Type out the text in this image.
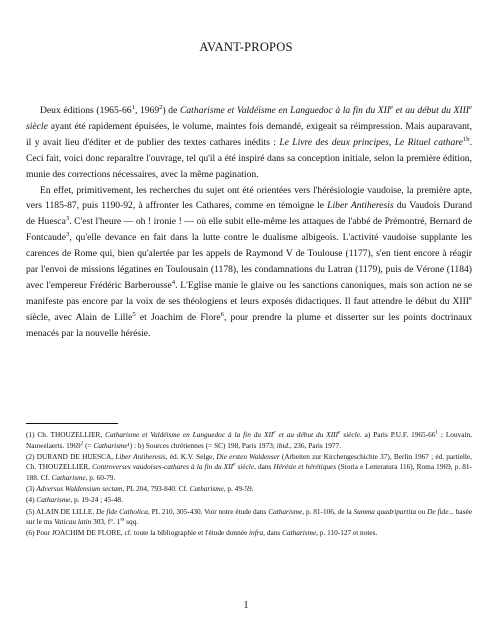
AVANT-PROPOS

Deux éditions ($1965-66^1$, 1969$^2$) de Catharisme et Valdéisme en Languedoc à la fin du XIIe et au début du XIIIe siècle ayant été rapidement épuisées, le volume, maintes fois demandé, exigeait sa réimpression. Mais auparavant, il y avait lieu d'éditer et de publier des textes cathares inédits : Le Livre des deux principes, Le Rituel cathare$^{1b}$. Ceci fait, voici donc reparaître l'ouvrage, tel qu'il a été inspiré dans sa conception initiale, selon la première édition, munie des corrections nécessaires, avec la même pagination.

En effet, primitivement, les recherches du sujet ont été orientées vers l'hérésiologie vaudoise, la première apte, vers 1185-87, puis 1190-92, à affronter les Cathares, comme en témoigne le Liber Antiheresis du Vaudois Durand de Huesca$^3$. C'est l'heure — oh ! ironie ! — où elle subit elle-même les attaques de l'abbé de Prémontré, Bernard de Fontcaude$^3$, qu'elle devance en fait dans la lutte contre le dualisme albigeois. L'activité vaudoise supplante les carences de Rome qui, bien qu'alertée par les appels de Raymond V de Toulouse (1177), s'en tient encore à réagir par l'envoi de missions légatines en Toulousain (1178), les condamnations du Latran (1179), puis de Vérone (1184) avec l'empereur Frédéric Barberousse$^4$. L'Eglise manie le glaive ou les sanctions canoniques, mais son action ne se manifeste pas encore par la voix de ses théologiens et leurs exposés didactiques. Il faut attendre le début du XIIIe siècle, avec Alain de Lille$^5$ et Joachim de Flore$^6$, pour prendre la plume et disserter sur les points doctrinaux menacés par la nouvelle hérésie.

(1) Ch. THOUZELLIER, Catharisme et Valdéisme en Languedoc à la fin du XIIe et au début du XIIIe siècle. a) Paris P.U.F. $1965-66^1$ ; Louvain, Nauwelaerts. 1969$^2$ (= Catharisme¹) : b) Sources chrétiennes (= SC) 198, Paris 1973; ibid., 236, Paris 1977.
(2) DURAND DE HUESCA, Liber Antiheresis, éd. K.V. Selge, Die ersten Waldenser (Arbeiten zur Kirchengeschichte 37), Berlin 1967 ; éd. partielle, Ch. THOUZELLIER, Controverses vaudoises-cathares à la fin du XIIe siècle, dans Hérésie et hérétiques (Storia e Letteratura 116), Roma 1969, p. 81-188. Cf. Catharisme, p. 60-79.
(3) Adversus Waldensium sectam, PL 204, 793-840. Cf. Catharisme, p. 49-59.
(4) Catharisme, p. 19-24 ; 45-48.
(5) ALAIN DE LILLE, De fide Catholica, PL 210, 305-430. Voir notre étude dans Catharisme, p. 81-106, de la Summa quadripartita ou De fide... basée sur le ms Vaticau latin 303, f°. $1^{ra}$ sqq.
(6) Pour JOACHIM DE FLORE, cf. toute la bibliographie et l'étude donnée infra, dans Catharisme, p. 110-127 et notes.
1
